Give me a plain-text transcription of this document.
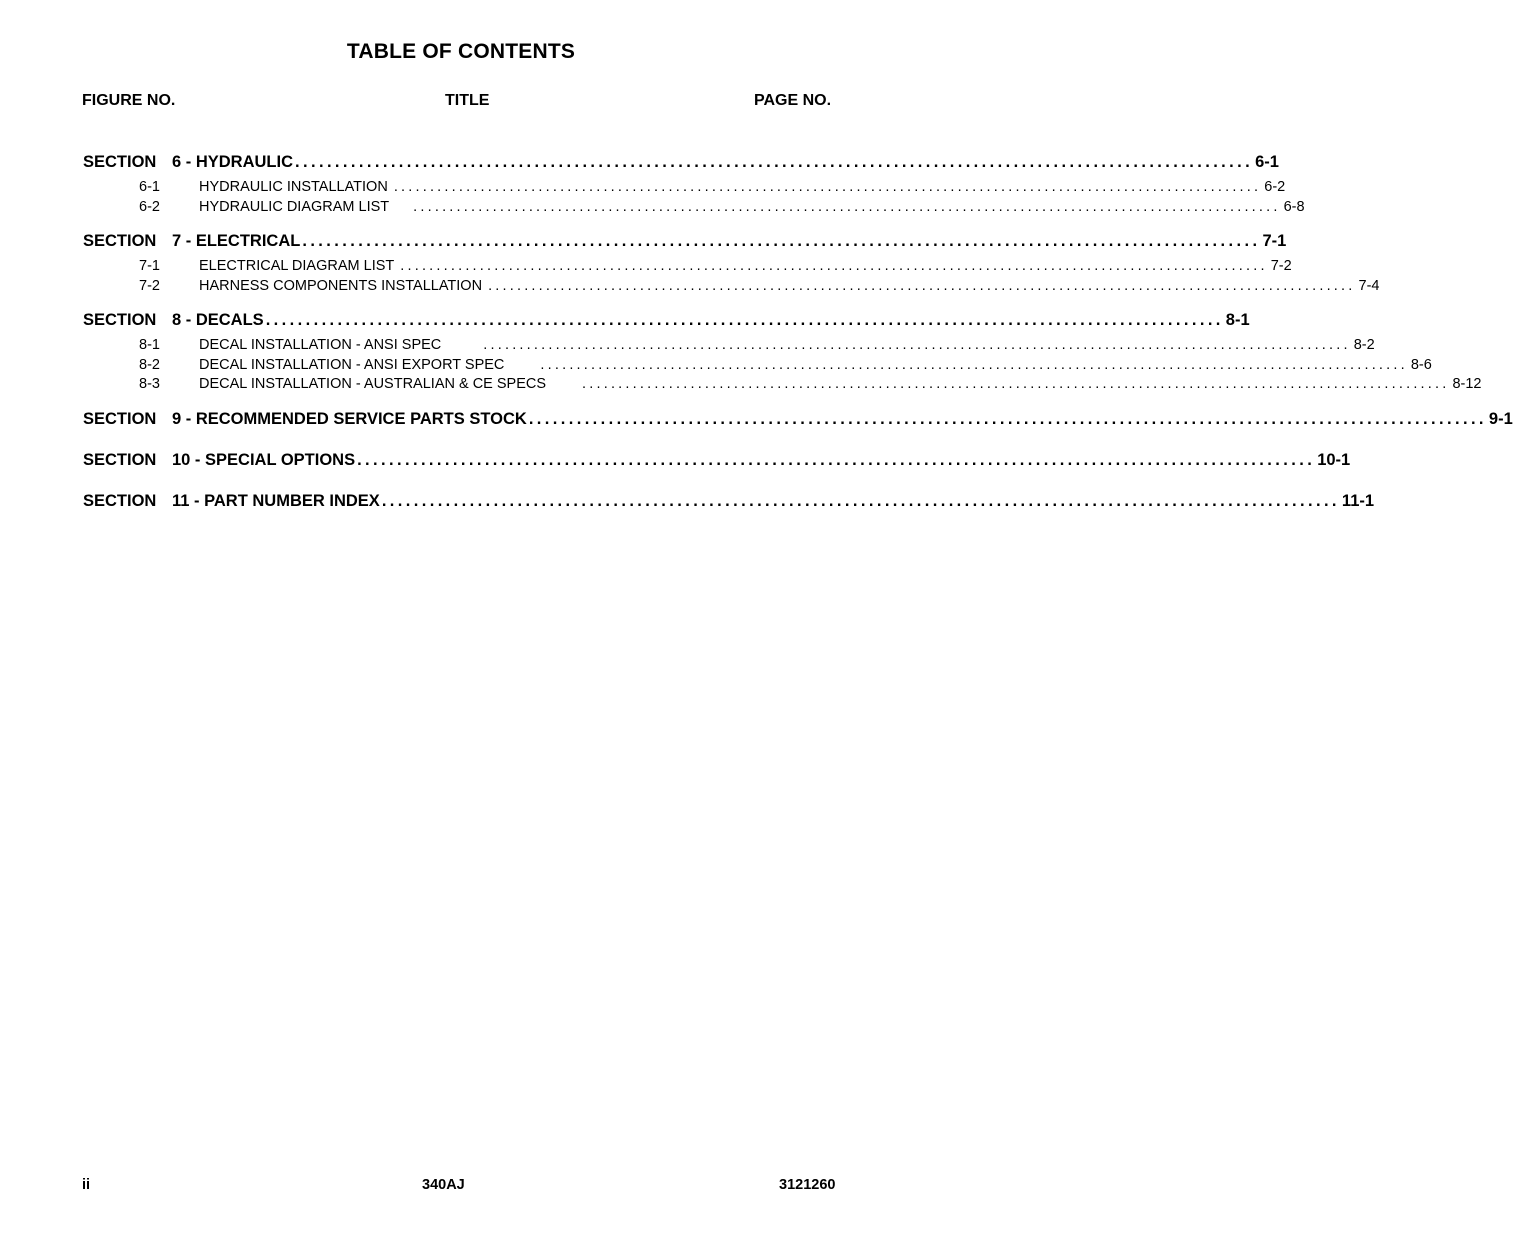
TABLE OF CONTENTS
FIGURE NO.	TITLE	PAGE NO.
SECTION 6 - HYDRAULIC ........................................................................................................................ 6-1
6-1	HYDRAULIC INSTALLATION ........................................................................................................................ 6-2
6-2	HYDRAULIC DIAGRAM LIST ........................................................................................................................ 6-8
SECTION 7 - ELECTRICAL ........................................................................................................................ 7-1
7-1	ELECTRICAL DIAGRAM LIST ........................................................................................................................ 7-2
7-2	HARNESS COMPONENTS INSTALLATION ........................................................................................................................ 7-4
SECTION 8 - DECALS ........................................................................................................................ 8-1
8-1	DECAL INSTALLATION - ANSI SPEC	........................................................................................................................ 8-2
8-2	DECAL INSTALLATION - ANSI EXPORT SPEC ........................................................................................................................ 8-6
8-3	DECAL INSTALLATION - AUSTRALIAN & CE SPECS ........................................................................................................................ 8-12
SECTION 9 - RECOMMENDED SERVICE PARTS STOCK ........................................................................................................................ 9-1
SECTION 10 - SPECIAL OPTIONS ........................................................................................................................ 10-1
SECTION 11 - PART NUMBER INDEX ........................................................................................................................ 11-1
ii	340AJ	3121260
